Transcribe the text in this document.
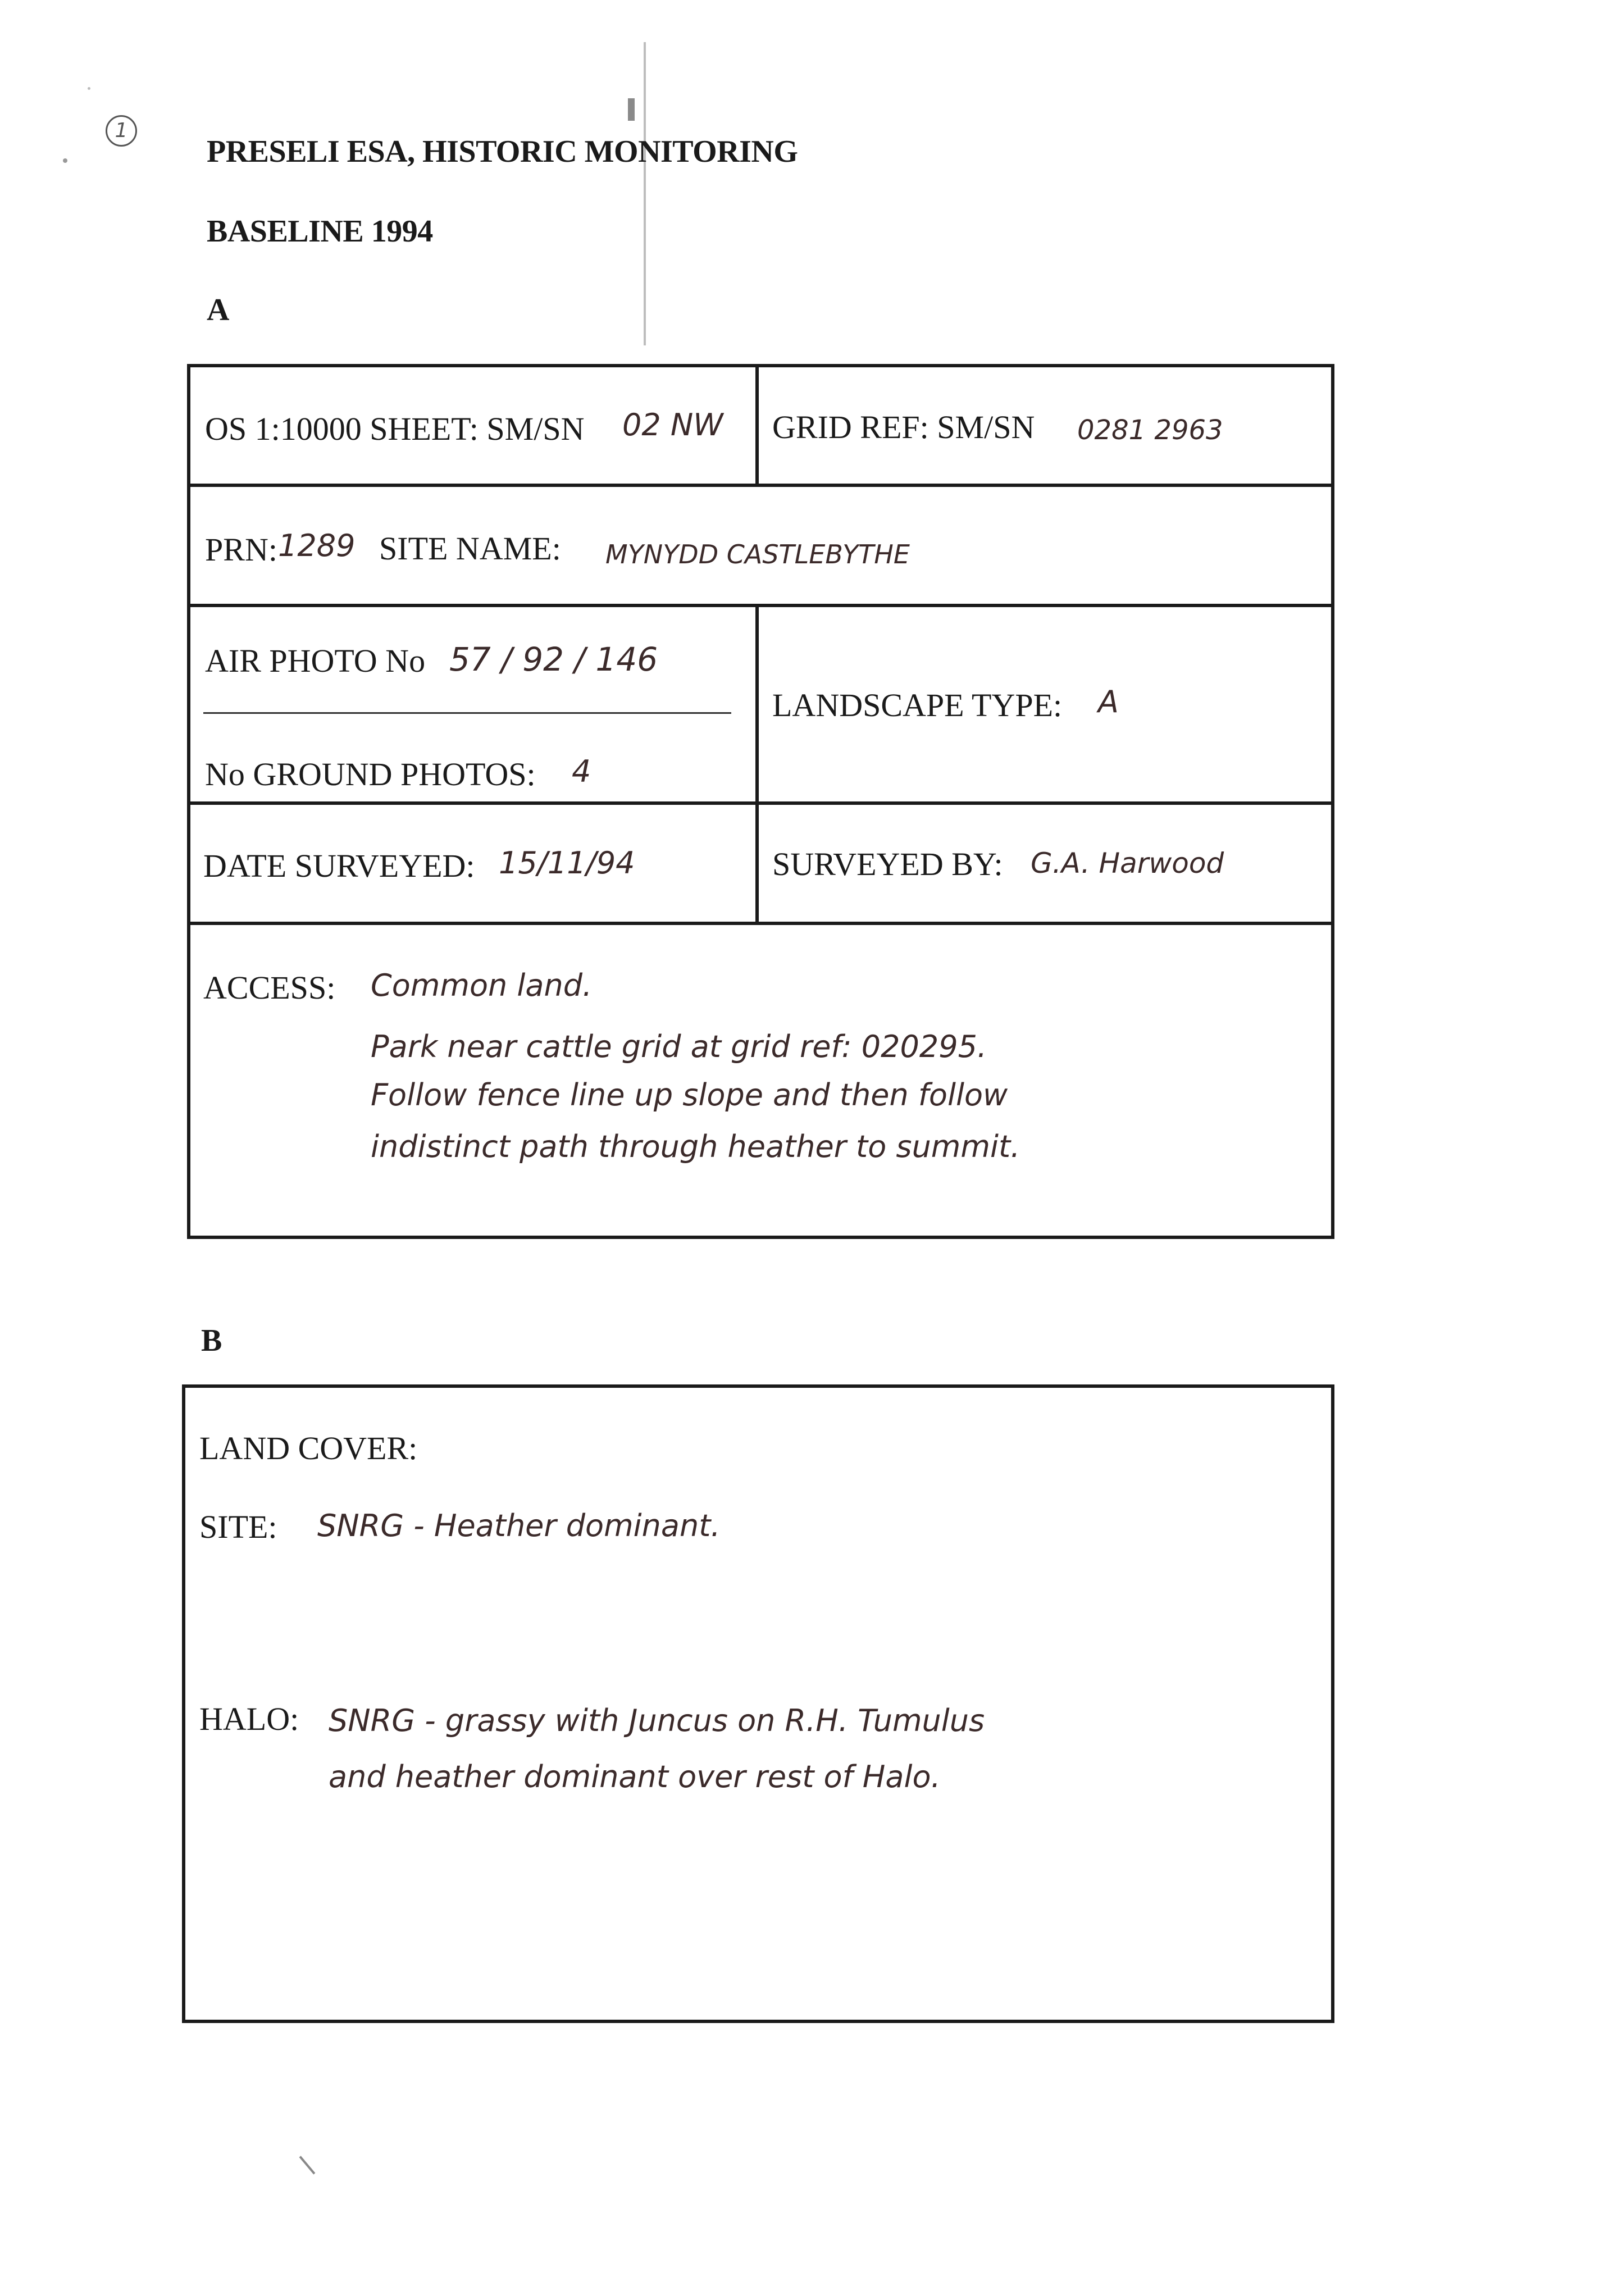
1
PRESELI ESA, HISTORIC MONITORING
BASELINE 1994
A
OS 1:10000 SHEET: SM/SN 02 NW GRID REF: SM/SN 0281 2963
PRN: 1289 SITE NAME: MYNYDD CASTLEBYTHE
AIR PHOTO No 57 / 92 / 146
No GROUND PHOTOS: 4
LANDSCAPE TYPE: A
DATE SURVEYED: 15/11/94	SURVEYED BY: G.A. Harwood
ACCESS: Common land.
Park near cattle grid at grid ref: 020295.
Follow fence line up slope and then follow
indistinct path through heather to summit.
B
LAND COVER:
SITE: SNRG - Heather dominant.
HALO: SNRG - grassy with Juncus on R.H. Tumulus
and heather dominant over rest of Halo.
